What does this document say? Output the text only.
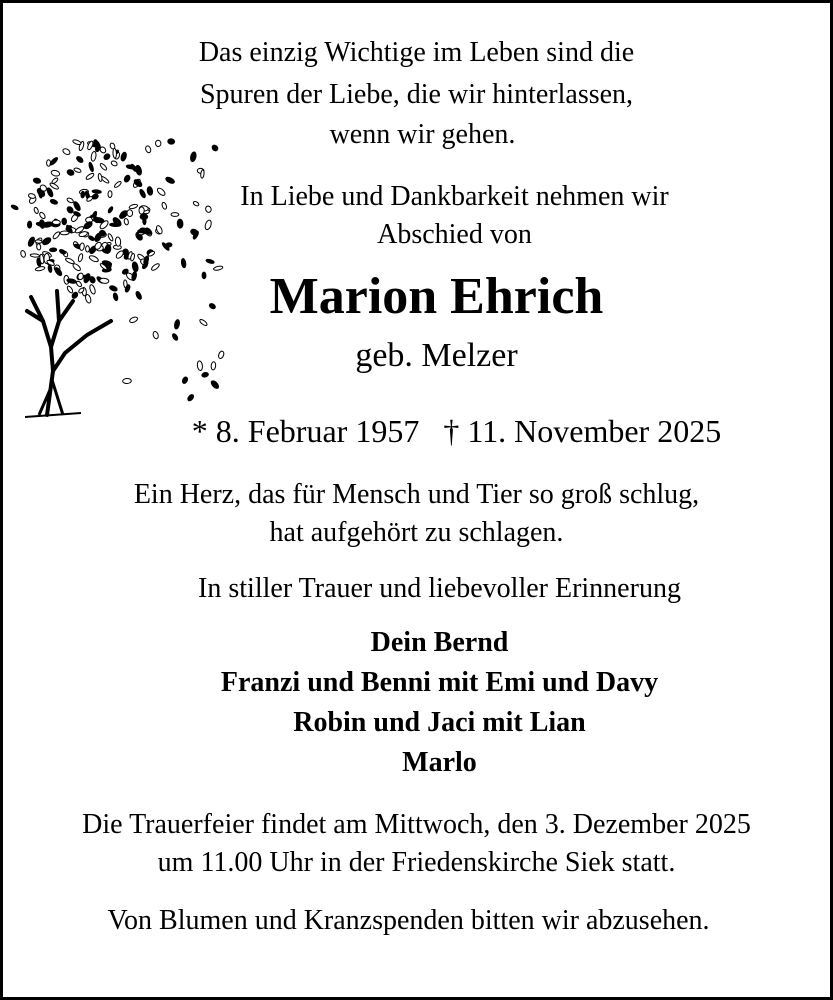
Das einzig Wichtige im Leben sind die
Spuren der Liebe, die wir hinterlassen,
wenn wir gehen.
In Liebe und Dankbarkeit nehmen wir
Abschied von
Marion Ehrich
geb. Melzer
* 8. Februar 1957   † 11. November 2025
Ein Herz, das für Mensch und Tier so groß schlug,
hat aufgehört zu schlagen.
In stiller Trauer und liebevoller Erinnerung
Dein Bernd
Franzi und Benni mit Emi und Davy
Robin und Jaci mit Lian
Marlo
Die Trauerfeier findet am Mittwoch, den 3. Dezember 2025
um 11.00 Uhr in der Friedenskirche Siek statt.
Von Blumen und Kranzspenden bitten wir abzusehen.
